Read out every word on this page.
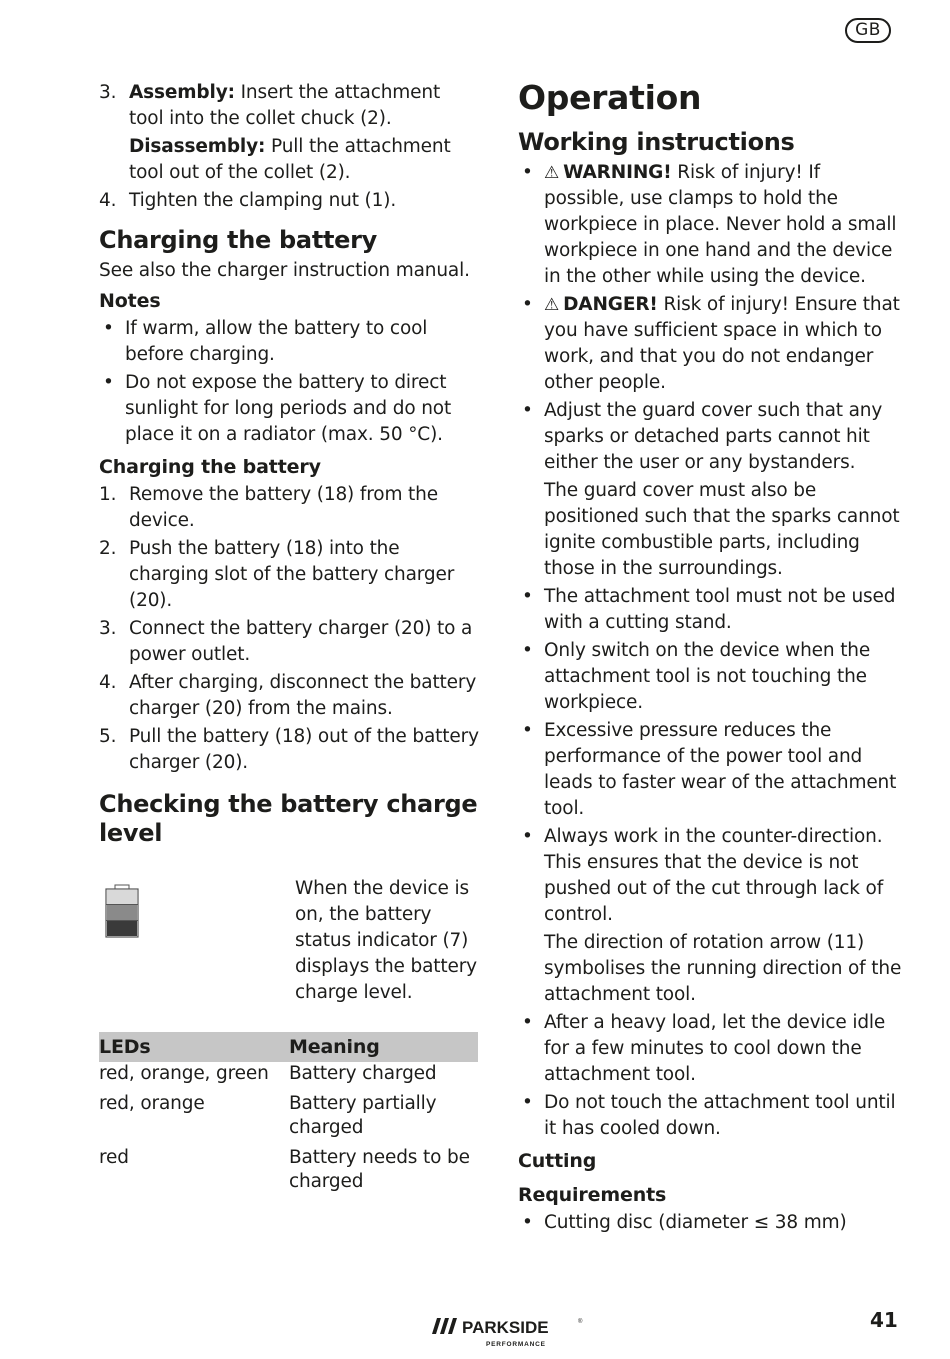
GB
3. Assembly: Insert the attachment tool into the collet chuck (2).
Disassembly: Pull the attachment tool out of the collet (2).
4. Tighten the clamping nut (1).
Charging the battery
See also the charger instruction manual.
Notes
• If warm, allow the battery to cool before charging.
• Do not expose the battery to direct sunlight for long periods and do not place it on a radiator (max. 50 °C).
Charging the battery
1. Remove the battery (18) from the device.
2. Push the battery (18) into the charging slot of the battery charger (20).
3. Connect the battery charger (20) to a power outlet.
4. After charging, disconnect the battery charger (20) from the mains.
5. Pull the battery (18) out of the battery charger (20).
Checking the battery charge level
When the device is on, the battery status indicator (7) displays the battery charge level.
LEDs	Meaning
red, orange, green	Battery charged
red, orange	Battery partially charged
red	Battery needs to be charged
Operation
Working instructions
• ⚠ WARNING! Risk of injury! If possible, use clamps to hold the workpiece in place. Never hold a small workpiece in one hand and the device in the other while using the device.
• ⚠ DANGER! Risk of injury! Ensure that you have sufficient space in which to work, and that you do not endanger other people.
• Adjust the guard cover such that any sparks or detached parts cannot hit either the user or any bystanders.
The guard cover must also be positioned such that the sparks cannot ignite combustible parts, including those in the surroundings.
• The attachment tool must not be used with a cutting stand.
• Only switch on the device when the attachment tool is not touching the workpiece.
• Excessive pressure reduces the performance of the power tool and leads to faster wear of the attachment tool.
• Always work in the counter-direction. This ensures that the device is not pushed out of the cut through lack of control.
The direction of rotation arrow (11) symbolises the running direction of the attachment tool.
• After a heavy load, let the device idle for a few minutes to cool down the attachment tool.
• Do not touch the attachment tool until it has cooled down.
Cutting
Requirements
• Cutting disc (diameter ≤ 38 mm)
PARKSIDE	®
PERFORMANCE
41
